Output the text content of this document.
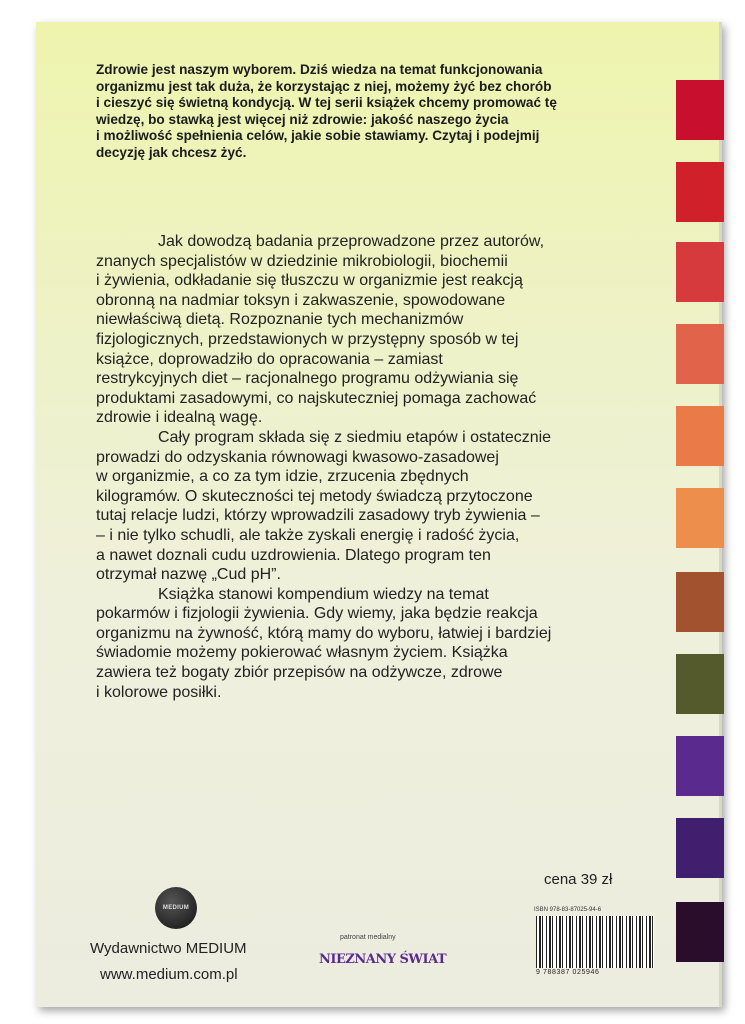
Zdrowie jest naszym wyborem. Dziś wiedza na temat funkcjonowania
organizmu jest tak duża, że korzystając z niej, możemy żyć bez chorób
i cieszyć się świetną kondycją. W tej serii książek chcemy promować tę
wiedzę, bo stawką jest więcej niż zdrowie: jakość naszego życia
i możliwość spełnienia celów, jakie sobie stawiamy. Czytaj i podejmij
decyzję jak chcesz żyć.

Jak dowodzą badania przeprowadzone przez autorów,
znanych specjalistów w dziedzinie mikrobiologii, biochemii
i żywienia, odkładanie się tłuszczu w organizmie jest reakcją
obronną na nadmiar toksyn i zakwaszenie, spowodowane
niewłaściwą dietą. Rozpoznanie tych mechanizmów
fizjologicznych, przedstawionych w przystępny sposób w tej
książce, doprowadziło do opracowania – zamiast
restrykcyjnych diet – racjonalnego programu odżywiania się
produktami zasadowymi, co najskuteczniej pomaga zachować
zdrowie i idealną wagę.

Cały program składa się z siedmiu etapów i ostatecznie
prowadzi do odzyskania równowagi kwasowo-zasadowej
w organizmie, a co za tym idzie, zrzucenia zbędnych
kilogramów. O skuteczności tej metody świadczą przytoczone
tutaj relacje ludzi, którzy wprowadzili zasadowy tryb żywienia –
– i nie tylko schudli, ale także zyskali energię i radość życia,
a nawet doznali cudu uzdrowienia. Dlatego program ten
otrzymał nazwę „Cud pH”.

Książka stanowi kompendium wiedzy na temat
pokarmów i fizjologii żywienia. Gdy wiemy, jaka będzie reakcja
organizmu na żywność, którą mamy do wyboru, łatwiej i bardziej
świadomie możemy pokierować własnym życiem. Książka
zawiera też bogaty zbiór przepisów na odżywcze, zdrowe
i kolorowe posiłki.

MEDIUM

Wydawnictwo MEDIUM

www.medium.com.pl

patronat medialny

NIEZNANY ŚWIAT

cena 39 zł

ISBN 978-83-87025-94-6

9 788387 025946
